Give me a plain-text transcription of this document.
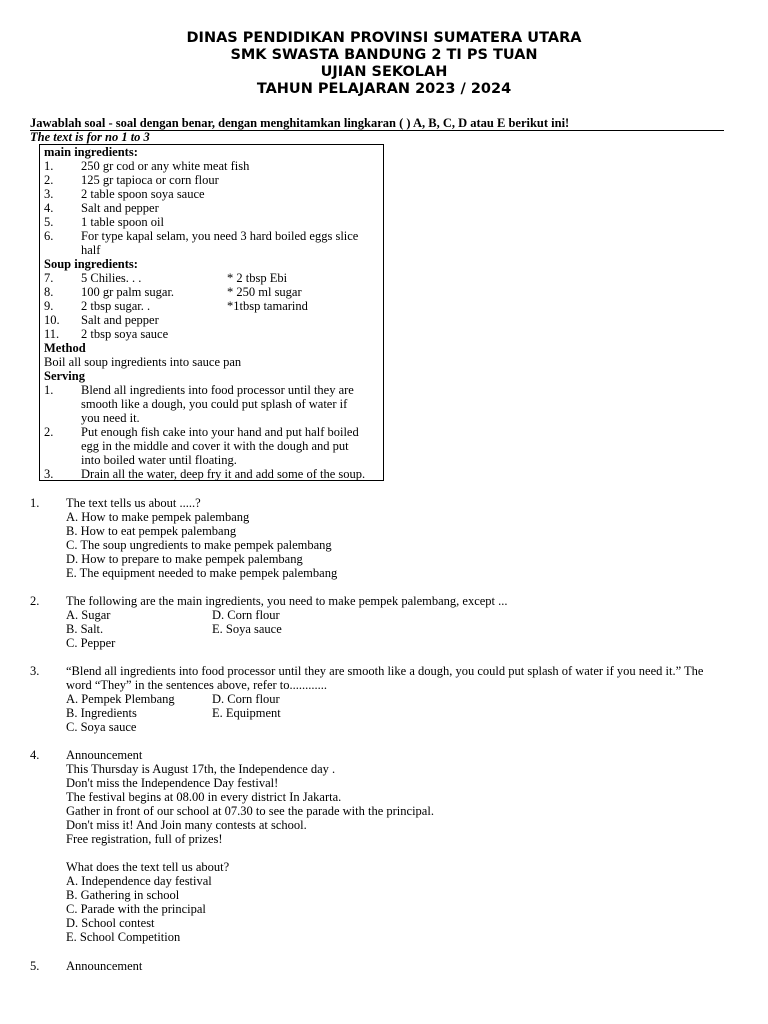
DINAS PENDIDIKAN PROVINSI SUMATERA UTARA
SMK SWASTA BANDUNG 2 TI PS TUAN
UJIAN SEKOLAH
TAHUN PELAJARAN 2023 / 2024
Jawablah soal - soal dengan benar, dengan menghitamkan lingkaran ( ) A, B, C, D atau E berikut ini!
The text is for no 1 to 3
main ingredients:
1. 250 gr cod or any white meat fish
2. 125 gr tapioca or corn flour
3. 2 table spoon soya sauce
4. Salt and pepper
5. 1 table spoon oil
6. For type kapal selam, you need 3 hard boiled eggs slice
half
Soup ingredients:
7. 5 Chilies. . .	* 2 tbsp Ebi
8. 100 gr palm sugar.	* 250 ml sugar
9. 2 tbsp sugar. .	*1tbsp tamarind
10. Salt and pepper
11. 2 tbsp soya sauce
Method
Boil all soup ingredients into sauce pan
Serving
1. Blend all ingredients into food processor until they are
smooth like a dough, you could put splash of water if
you need it.
2. Put enough fish cake into your hand and put half boiled
egg in the middle and cover it with the dough and put
into boiled water until floating.
3. Drain all the water, deep fry it and add some of the soup.
1. The text tells us about .....?
A. How to make pempek palembang
B. How to eat pempek palembang
C. The soup ungredients to make pempek palembang
D. How to prepare to make pempek palembang
E. The equipment needed to make pempek palembang
2. The following are the main ingredients, you need to make pempek palembang, except ...
A. Sugar	D. Corn flour
B. Salt.	E. Soya sauce
C. Pepper
3. “Blend all ingredients into food processor until they are smooth like a dough, you could put splash of water if you need it.” The
word “They” in the sentences above, refer to............
A. Pempek Plembang	D. Corn flour
B. Ingredients	E. Equipment
C. Soya sauce
4. Announcement
This Thursday is August 17th, the Independence day .
Don't miss the Independence Day festival!
The festival begins at 08.00 in every district In Jakarta.
Gather in front of our school at 07.30 to see the parade with the principal.
Don't miss it! And Join many contests at school.
Free registration, full of prizes!
What does the text tell us about?
A. Independence day festival
B. Gathering in school
C. Parade with the principal
D. School contest
E. School Competition
5. Announcement
